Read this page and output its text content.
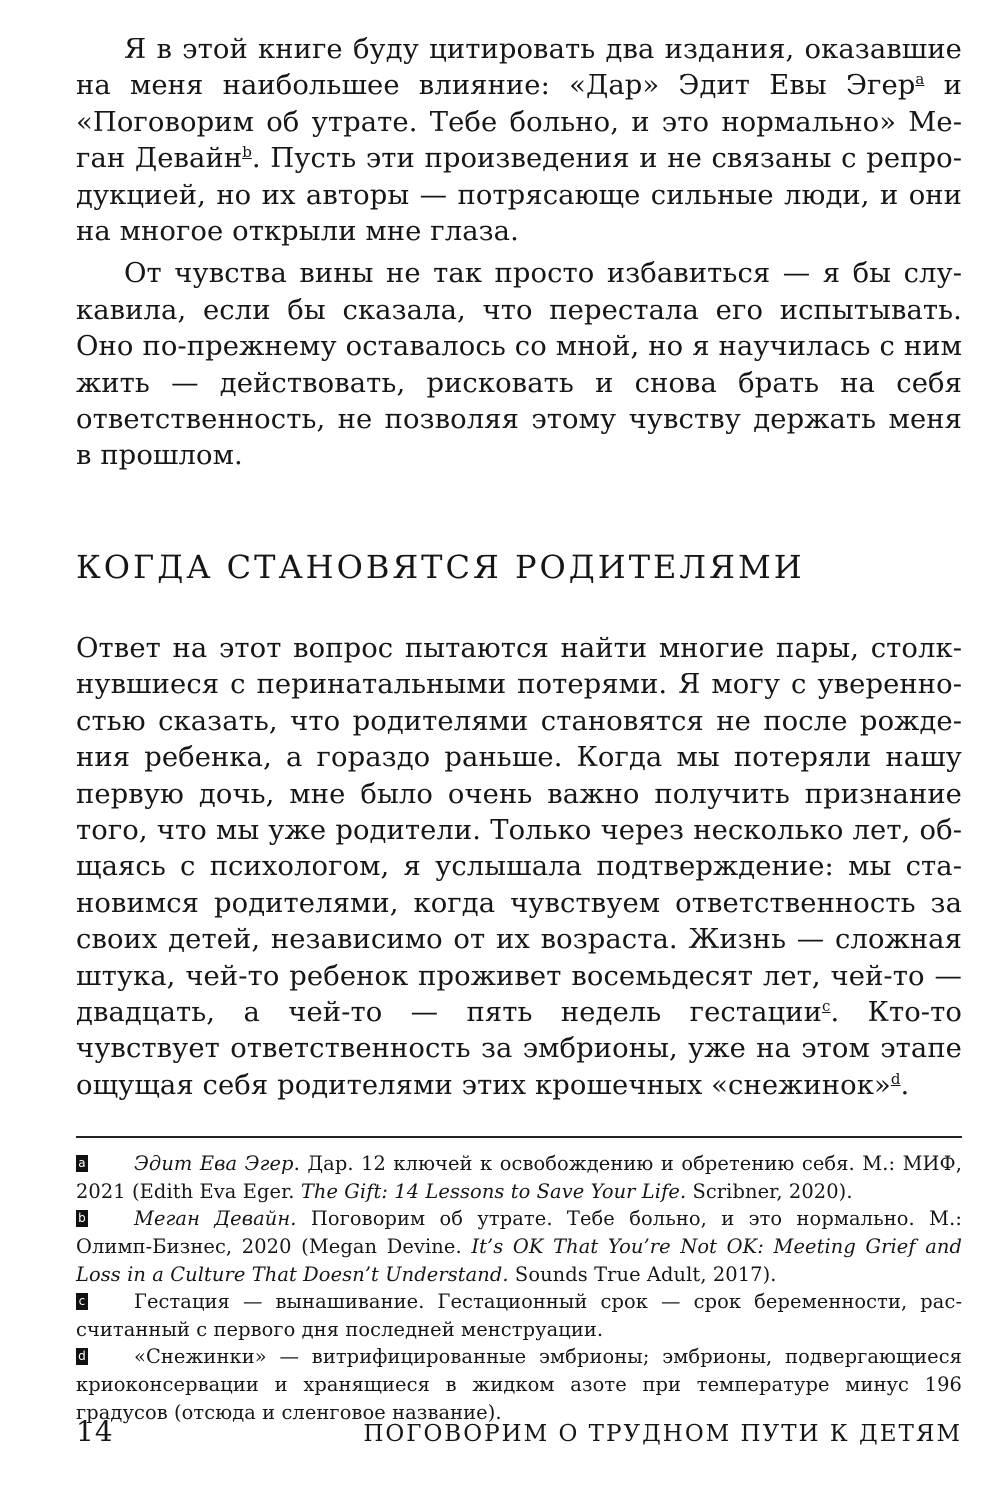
Я в этой книге буду цитировать два издания, оказавшие на меня наибольшее влияние: «Дар» Эдит Евы Эгер$^a$ и «Поговорим об утрате. Тебе больно, и это нормально» Меган Девайн$^b$. Пусть эти произведения и не связаны с репродукцией, но их авторы — потрясающе сильные люди, и они на многое открыли мне глаза.

От чувства вины не так просто избавиться — я бы слукавила, если бы сказала, что перестала его испытывать. Оно по-прежнему оставалось со мной, но я научилась с ним жить — действовать, рисковать и снова брать на себя ответственность, не позволяя этому чувству держать меня в прошлом.

КОГДА СТАНОВЯТСЯ РОДИТЕЛЯМИ

Ответ на этот вопрос пытаются найти многие пары, столкнувшиеся с перинатальными потерями. Я могу с уверенностью сказать, что родителями становятся не после рождения ребенка, а гораздо раньше. Когда мы потеряли нашу первую дочь, мне было очень важно получить признание того, что мы уже родители. Только через несколько лет, общаясь с психологом, я услышала подтверждение: мы становимся родителями, когда чувствуем ответственность за своих детей, независимо от их возраста. Жизнь — сложная штука, чей-то ребенок проживет восемьдесят лет, чей-то — двадцать, а чей-то — пять недель гестации$^c$. Кто-то чувствует ответственность за эмбрионы, уже на этом этапе ощущая себя родителями этих крошечных «снежинок»$^d$.

a Эдит Ева Эгер. Дар. 12 ключей к освобождению и обретению себя. М.: МИФ, 2021 (Edith Eva Eger. The Gift: 14 Lessons to Save Your Life. Scribner, 2020).

b Меган Девайн. Поговорим об утрате. Тебе больно, и это нормально. М.: Олимп-Бизнес, 2020 (Megan Devine. It’s OK That You’re Not OK: Meeting Grief and Loss in a Culture That Doesn’t Understand. Sounds True Adult, 2017).

c	Гестация — вынашивание. Гестационный срок — срок беременности, рассчитанный с первого дня последней менструации.

d «Снежинки» — витрифицированные эмбрионы; эмбрионы, подвергающиеся криоконсервации и хранящиеся в жидком азоте при температуре минус 196 градусов (отсюда и сленговое название).

14	ПОГОВОРИМ О ТРУДНОМ ПУТИ К ДЕТЯМ
